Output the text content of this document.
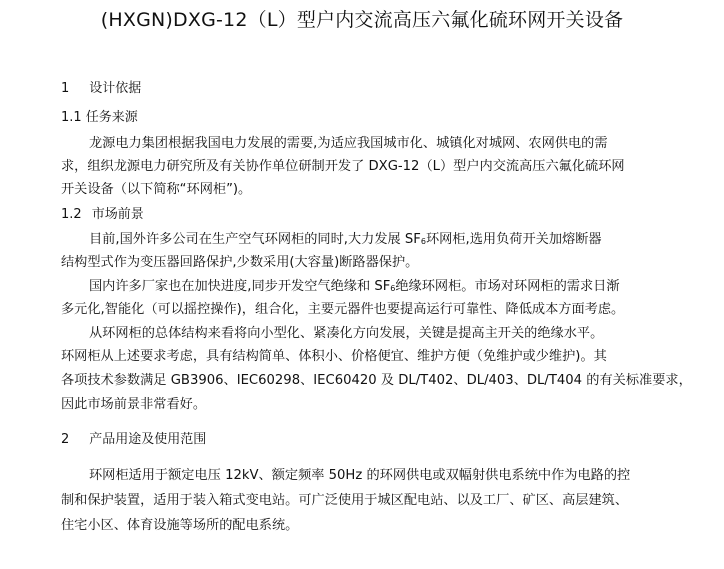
(HXGN)DXG-12（L）型户内交流高压六氟化硫环网开关设备
1 设计依据
1.1 任务来源
龙源电力集团根据我国电力发展的需要,为适应我国城市化、城镇化对城网、农网供电的需
求，组织龙源电力研究所及有关协作单位研制开发了 DXG-12（L）型户内交流高压六氟化硫环网
开关设备（以下简称“环网柜”)。
1.2 市场前景
目前,国外许多公司在生产空气环网柜的同时,大力发展 $SF_6$环网柜,选用负荷开关加熔断器
结构型式作为变压器回路保护,少数采用(大容量)断路器保护。
国内许多厂家也在加快进度,同步开发空气绝缘和 $SF_6$绝缘环网柜。市场对环网柜的需求日渐
多元化,智能化（可以摇控操作)，组合化，主要元器件也要提高运行可靠性、降低成本方面考虑。
从环网柜的总体结构来看将向小型化、紧凑化方向发展，关键是提高主开关的绝缘水平。
环网柜从上述要求考虑，具有结构简单、体积小、价格便宜、维护方便（免维护或少维护)。其
各项技术参数满足 GB3906、IEC60298、IEC60420 及 DL/T402、DL/403、DL/T404 的有关标准要求，
因此市场前景非常看好。
2 产品用途及使用范围
环网柜适用于额定电压 12kV、额定频率 50Hz 的环网供电或双幅射供电系统中作为电路的控
制和保护装置，适用于装入箱式变电站。可广泛使用于城区配电站、以及工厂、矿区、高层建筑、
住宅小区、体育设施等场所的配电系统。
